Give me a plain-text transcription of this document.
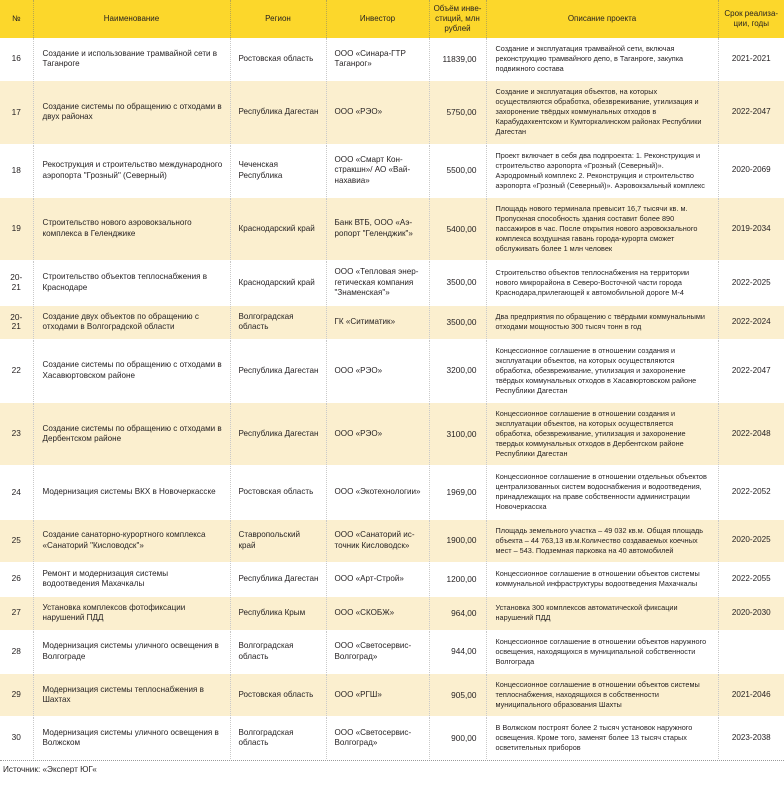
№	Наименование	Регион	Инвестор	Объём инве-
стиций, млн
рублей	Описание проекта	Срок реализа-
ции, годы
16	Создание и использование трамвайной сети в Таганроге	Ростовская область	ООО «Синара-ГТР Таганрог»	11839,00	Создание и эксплуатация трамвайной сети, включая реконструкцию трамвайного депо, в Таганроге, закупка подвижного состава	2021-2021
17	Создание системы по обращению с отходами в двух районах	Республика Дагестан	ООО «РЭО»	5750,00	Создание и эксплуатация объектов, на которых осуществляются обработка, обезвреживание, утилизация и захоронение твёрдых коммунальных отходов в Карабудахкентском и Кумторкалинском районах Республики Дагестан	2022-2047
18	Рекострукция и строительство международного аэропорта "Грозный" (Северный)	Чеченская Республика	ООО «Смарт Кон-стракшн»/ АО «Вай-нахавиа»	5500,00	Проект включает в себя два подпроекта: 1. Реконструкция и строительство аэропорта «Грозный (Северный)». Аэродромный комплекс 2. Реконструкция и строительство аэропорта «Грозный (Северный)». Аэровокзальный комплекс	2020-2069
19	Строительство нового аэровокзального комплекса в Геленджике	Краснодарский край	Банк ВТБ, ООО «Аэ-ропорт "Геленджик"»	5400,00	Площадь нового терминала превысит 16,7 тысячи кв. м. Пропускная способность здания составит более 890 пассажиров в час. После открытия нового аэровокзального комплекса воздушная гавань города-курорта сможет обслуживать более 1 млн человек	2019-2034
20-
21	Строительство объектов теплоснабжения в Краснодаре	Краснодарский край	ООО «Тепловая энер-гетическая компания "Знаменская"»	3500,00	Строительство объектов теплоснабжения на территории нового микрорайона в Северо-Восточной части города Краснодара,прилегающей к автомобильной дороге М-4	2022-2025
20-
21	Создание двух объектов по обращению с отходами в Волгоградской области	Волгоградская область	ГК «Ситиматик»	3500,00	Два предприятия по обращению с твёрдыми коммунальными отходами мощностью 300 тысяч тонн в год	2022-2024
22	Создание системы по обращению с отходами в Хасавюртовском районе	Республика Дагестан	ООО «РЭО»	3200,00	Концессионное соглашение в отношении создания и эксплуатации объектов, на которых осуществляются обработка, обезвреживание, утилизация и захоронение твёрдых коммунальных отходов в Хасавюртовском районе Республики Дагестан	2022-2047
23	Создание системы по обращению с отходами в Дербентском районе	Республика Дагестан	ООО «РЭО»	3100,00	Концессионное соглашение в отношении создания и эксплуатации объектов, на которых осуществляется обработка, обезвреживание, утилизация и захоронение твердых коммунальных отходов в Дербентском районе Республики Дагестан	2022-2048
24	Модернизация системы ВКХ в Новочеркасске	Ростовская область	ООО «Экотехнологии»	1969,00	Концессионное соглашение в отношении отдельных объектов централизованных систем водоснабжения и водоотведения, принадлежащих на праве собственности администрации Новочеркасска	2022-2052
25	Создание санаторно-курортного комплекса «Санаторий "Кисловодск"»	Ставропольский край	ООО «Санаторий ис-точник Кисловодск»	1900,00	Площадь земельного участка – 49 032 кв.м. Общая площадь объекта – 44 763,13 кв.м.Количество создаваемых коечных мест – 543. Подземная парковка на 40 автомобилей	2020-2025
26	Ремонт и модернизация системы водоотведения Махачкалы	Республика Дагестан	ООО «Арт-Строй»	1200,00	Концессионное соглашение в отношении объектов системы коммунальной инфраструктуры водоотведения Махачкалы	2022-2055
27	Установка комплексов фотофиксации нарушений ПДД	Республика Крым	ООО «СКОБЖ»	964,00	Установка 300 комплексов автоматической фиксации нарушений ПДД	2020-2030
28	Модернизация системы уличного освещения в Волгограде	Волгоградская область	ООО «Светосервис-Волгоград»	944,00	Концессионное соглашение в отношении объектов наружного освещения, находящихся в муниципальной собственности Волгограда	
29	Модернизация системы теплоснабжения в Шахтах	Ростовская область	ООО «РГШ»	905,00	Концессионное соглашение в отношении объектов системы теплоснабжения, находящихся в собственности муниципального образования Шахты	2021-2046
30	Модернизация системы уличного освещения в Волжском	Волгоградская область	ООО «Светосервис-Волгоград»	900,00	В Волжском построят более 2 тысяч установок наружного освещения. Кроме того, заменят более 13 тысяч старых осветительных приборов	2023-2038
Источник: «Эксперт ЮГ«
